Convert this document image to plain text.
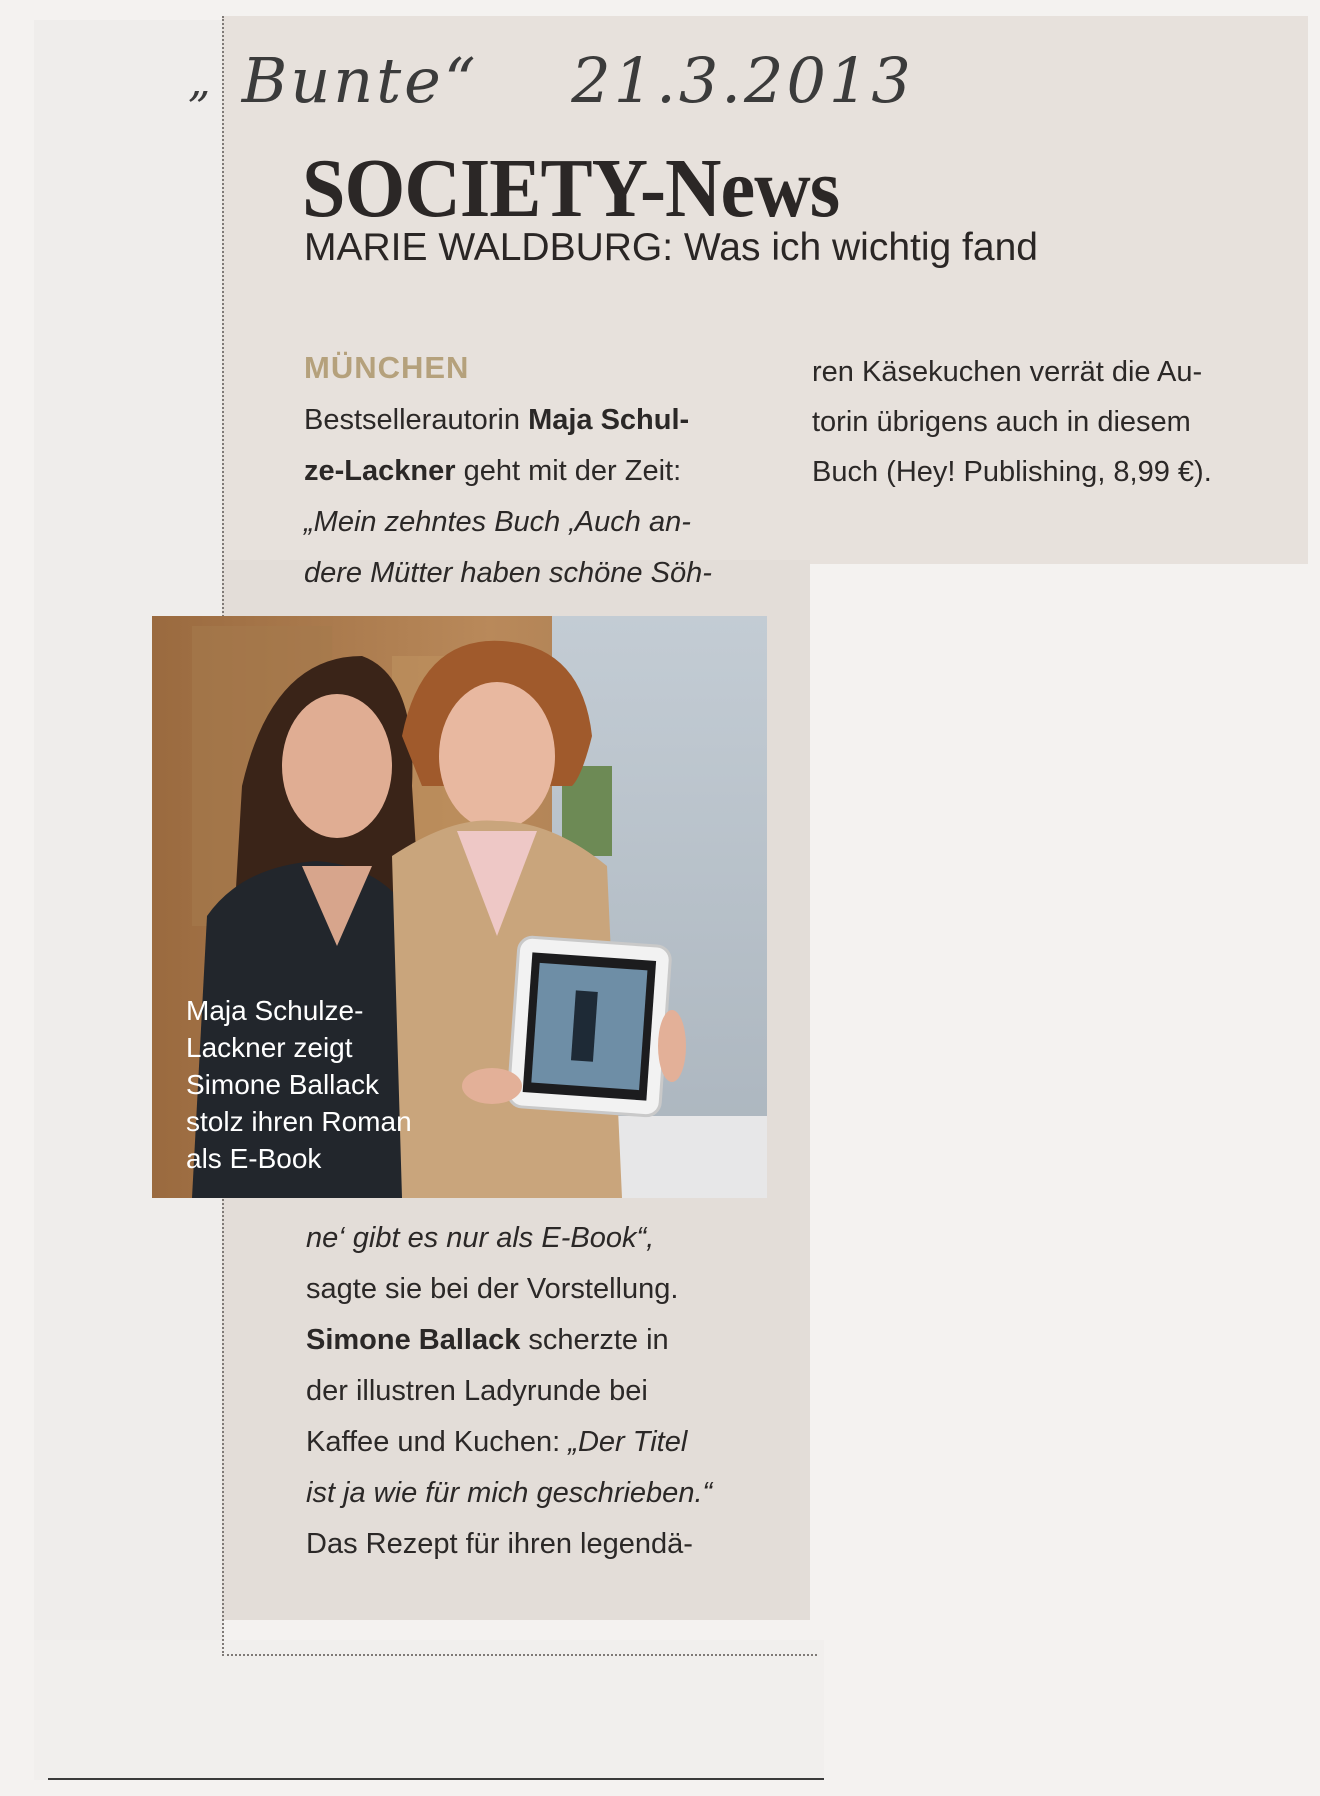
„ Bunte“ 21.3.2013
SOCIETY-News
MARIE WALDBURG: Was ich wichtig fand
MÜNCHEN
Bestsellerautorin Maja Schul-
ze-Lackner geht mit der Zeit:
„Mein zehntes Buch ‚Auch an-
dere Mütter haben schöne Söh-
ren Käsekuchen verrät die Au-
torin übrigens auch in diesem
Buch (Hey! Publishing, 8,99 €).
Maja Schulze-
Lackner zeigt
Simone Ballack
stolz ihren Roman
als E-Book
ne‘ gibt es nur als E-Book“,
sagte sie bei der Vorstellung.
Simone Ballack scherzte in
der illustren Ladyrunde bei
Kaffee und Kuchen: „Der Titel
ist ja wie für mich geschrieben.“
Das Rezept für ihren legendä-
